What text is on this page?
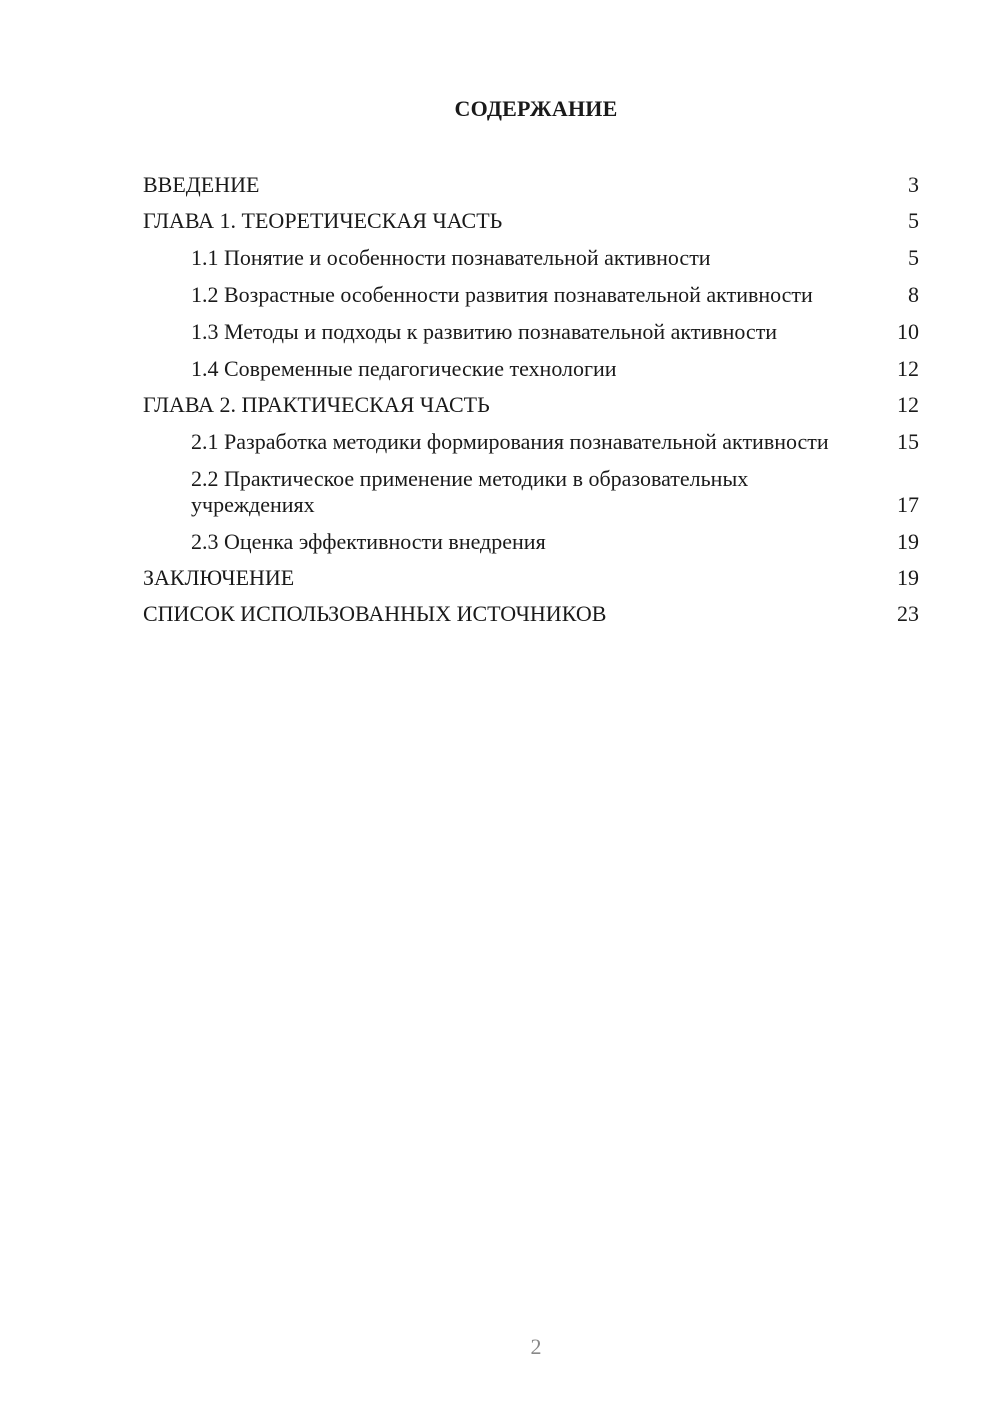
СОДЕРЖАНИЕ
ВВЕДЕНИЕ	3
ГЛАВА 1. ТЕОРЕТИЧЕСКАЯ ЧАСТЬ	5
1.1 Понятие и особенности познавательной активности	5
1.2 Возрастные особенности развития познавательной активности	8
1.3 Методы и подходы к развитию познавательной активности	10
1.4 Современные педагогические технологии	12
ГЛАВА 2. ПРАКТИЧЕСКАЯ ЧАСТЬ	12
2.1 Разработка методики формирования познавательной активности	15
2.2 Практическое применение методики в образовательных учреждениях	17
2.3 Оценка эффективности внедрения	19
ЗАКЛЮЧЕНИЕ	19
СПИСОК ИСПОЛЬЗОВАННЫХ ИСТОЧНИКОВ	23
2
